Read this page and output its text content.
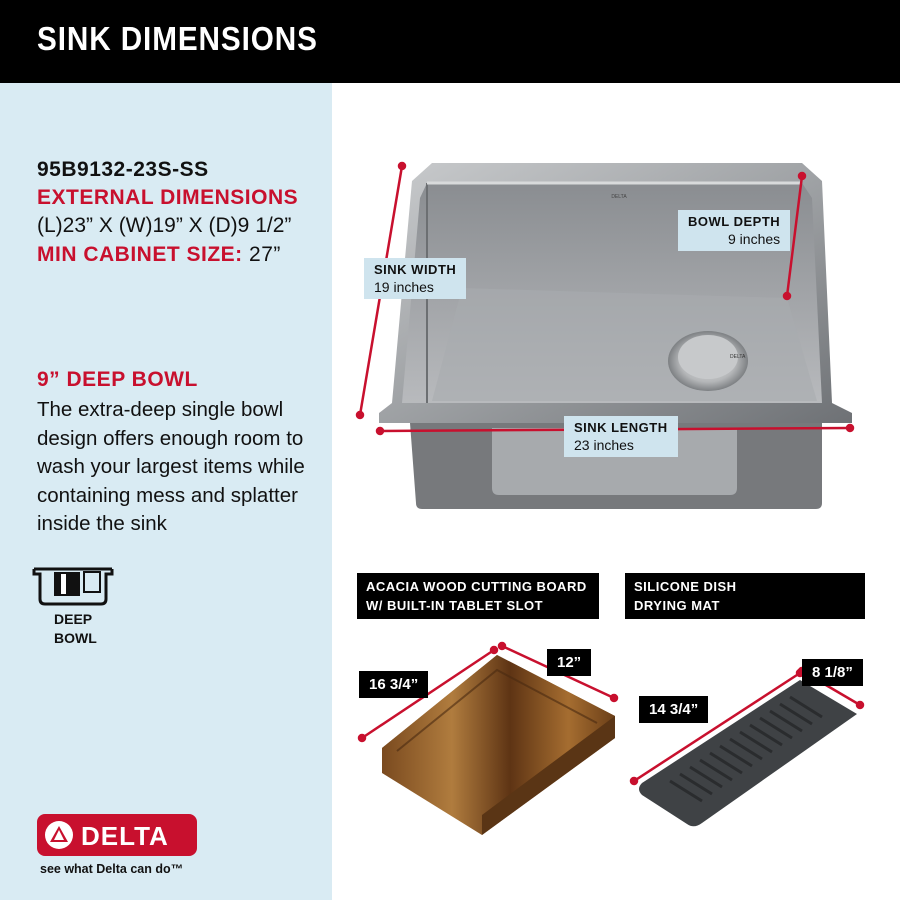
SINK DIMENSIONS
95B9132-23S-SS
EXTERNAL DIMENSIONS
(L)23” X (W)19” X (D)9 1/2”
MIN CABINET SIZE: 27”
9” DEEP BOWL
The extra-deep single bowl design offers enough room to wash your largest items while containing mess and splatter inside the sink
DEEP
BOWL
DELTA
see what Delta can do™
DELTA
DELTA
SINK WIDTH
19 inches
BOWL DEPTH
9 inches
SINK LENGTH
23 inches
ACACIA WOOD CUTTING BOARD
W/ BUILT-IN TABLET SLOT
SILICONE DISH
DRYING MAT
16 3/4”
12”
14 3/4”
8 1/8”
